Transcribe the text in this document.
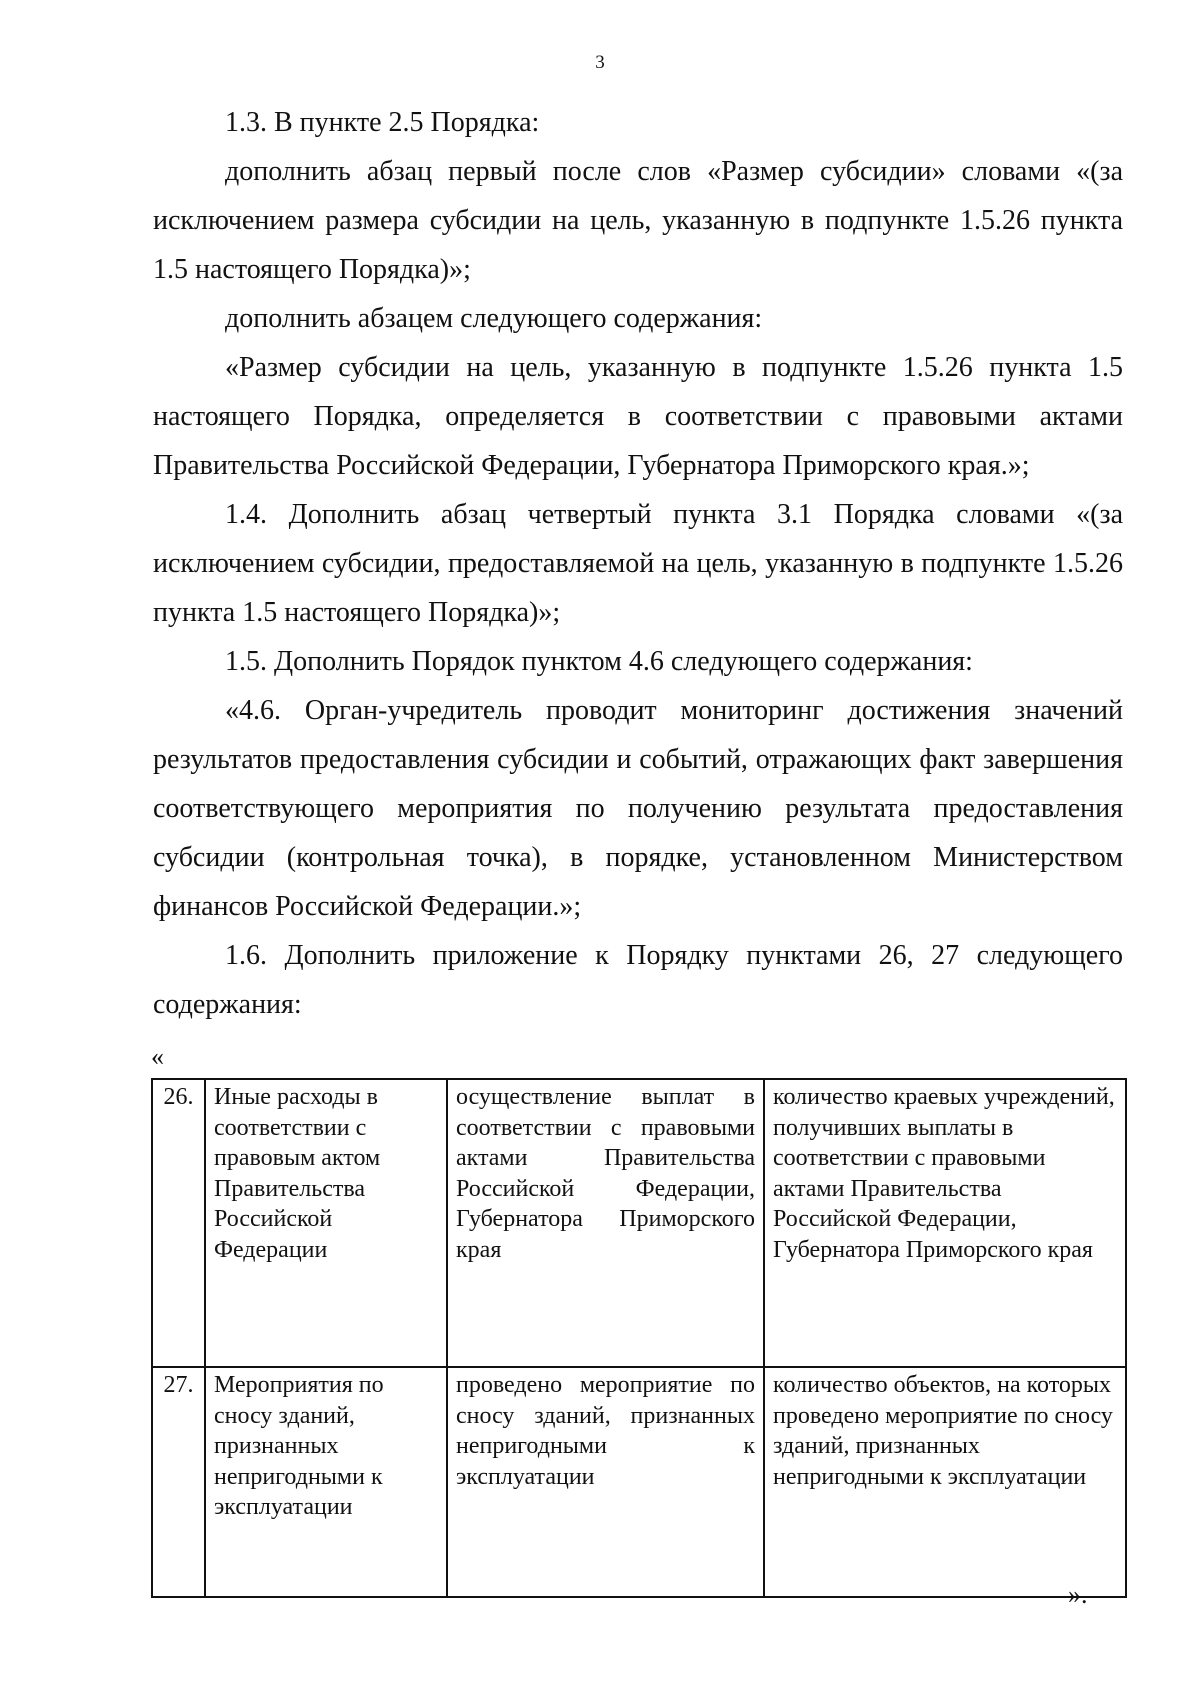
3

1.3. В пункте 2.5 Порядка:

дополнить абзац первый после слов «Размер субсидии» словами «(за исключением размера субсидии на цель, указанную в подпункте 1.5.26 пункта 1.5 настоящего Порядка)»;

дополнить абзацем следующего содержания:

«Размер субсидии на цель, указанную в подпункте 1.5.26 пункта 1.5 настоящего Порядка, определяется в соответствии с правовыми актами Правительства Российской Федерации, Губернатора Приморского края.»;

1.4. Дополнить абзац четвертый пункта 3.1 Порядка словами «(за исключением субсидии, предоставляемой на цель, указанную в подпункте 1.5.26 пункта 1.5 настоящего Порядка)»;

1.5. Дополнить Порядок пунктом 4.6 следующего содержания:

«4.6. Орган-учредитель проводит мониторинг достижения значений результатов предоставления субсидии и событий, отражающих факт завершения соответствующего мероприятия по получению результата предоставления субсидии (контрольная точка), в порядке, установленном Министерством финансов Российской Федерации.»;

1.6. Дополнить приложение к Порядку пунктами 26, 27 следующего содержания:

«
26.	Иные расходы в соответствии с правовым актом Правительства Российской Федерации	осуществление выплат в соответствии с правовыми актами Правительства Российской Федерации, Губернатора Приморского края	количество краевых учреждений, получивших выплаты в соответствии с правовыми актами Правительства Российской Федерации, Губернатора Приморского края
27.	Мероприятия по сносу зданий, признанных непригодными к эксплуатации	проведено мероприятие по сносу зданий, признанных непригодными к эксплуатации	количество объектов, на которых проведено мероприятие по сносу зданий, признанных непригодными к эксплуатации
».
